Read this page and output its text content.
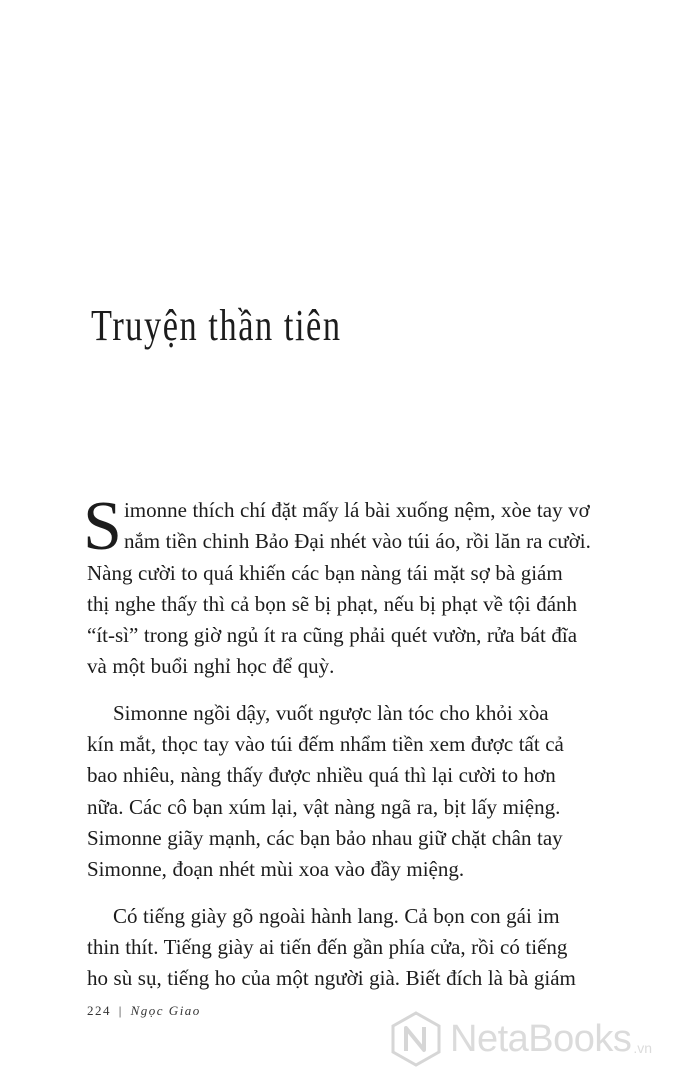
Truyện thần tiên

S imonne thích chí đặt mấy lá bài xuống nệm, xòe tay vơ
nắm tiền chinh Bảo Đại nhét vào túi áo, rồi lăn ra cười.
Nàng cười to quá khiến các bạn nàng tái mặt sợ bà giám
thị nghe thấy thì cả bọn sẽ bị phạt, nếu bị phạt về tội đánh
“ít-sì” trong giờ ngủ ít ra cũng phải quét vườn, rửa bát đĩa
và một buổi nghỉ học để quỳ.

Simonne ngồi dậy, vuốt ngược làn tóc cho khỏi xòa
kín mắt, thọc tay vào túi đếm nhẩm tiền xem được tất cả
bao nhiêu, nàng thấy được nhiều quá thì lại cười to hơn
nữa. Các cô bạn xúm lại, vật nàng ngã ra, bịt lấy miệng.
Simonne giãy mạnh, các bạn bảo nhau giữ chặt chân tay
Simonne, đoạn nhét mùi xoa vào đầy miệng.

Có tiếng giày gõ ngoài hành lang. Cả bọn con gái im
thin thít. Tiếng giày ai tiến đến gần phía cửa, rồi có tiếng
ho sù sụ, tiếng ho của một người già. Biết đích là bà giám

224 | Ngọc Giao
NetaBooks .vn
